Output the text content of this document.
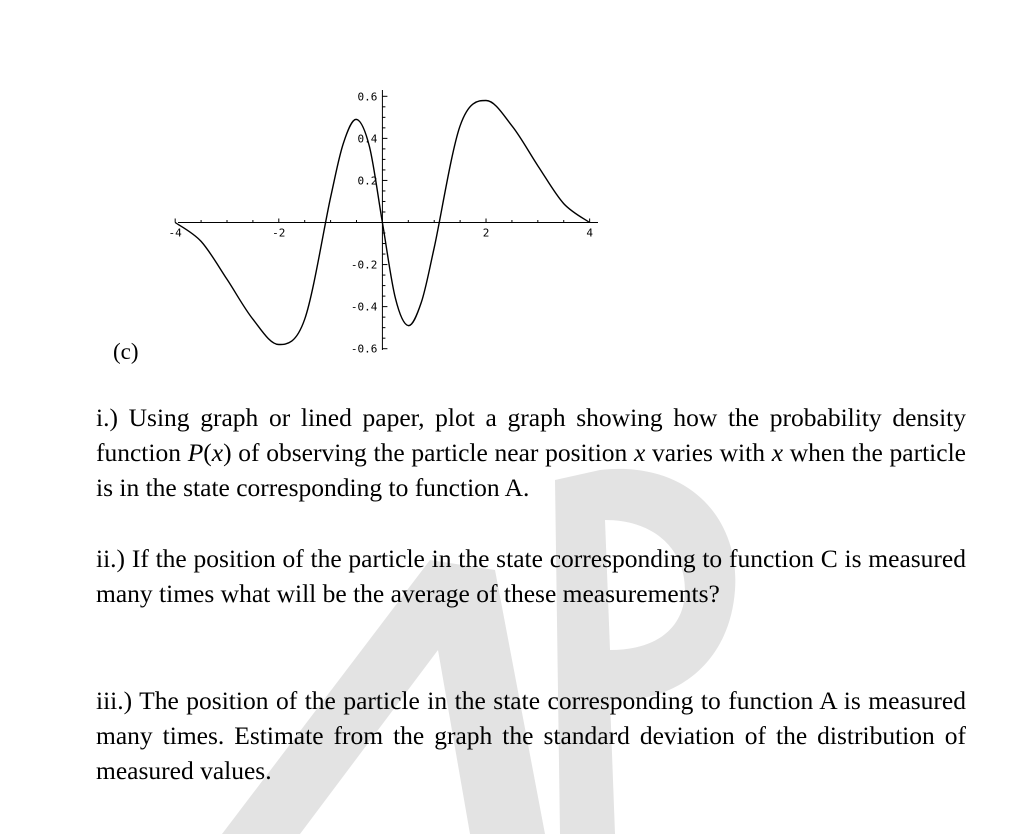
-4	-2	2	4
0.6
0.4
0.2
-0.2
-0.4
-0.6
(c)
i.) Using graph or lined paper, plot a graph showing how the probability density function P(x) of observing the particle near position x varies with x when the particle is in the state corresponding to function A.
ii.) If the position of the particle in the state corresponding to function C is measured many times what will be the average of these measurements?
iii.) The position of the particle in the state corresponding to function A is measured many times. Estimate from the graph the standard deviation of the distribution of measured values.
